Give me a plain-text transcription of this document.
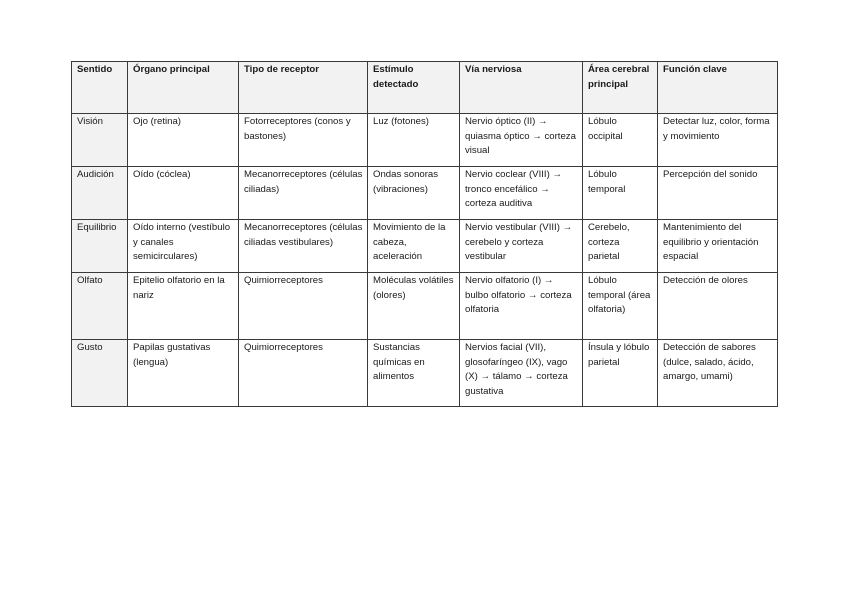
Sentido	Órgano principal	Tipo de receptor	Estímulo detectado	Vía nerviosa	Área cerebral principal	Función clave
Visión	Ojo (retina)	Fotorreceptores (conos y bastones)	Luz (fotones)	Nervio óptico (II) → quiasma óptico → corteza visual	Lóbulo occipital	Detectar luz, color, forma y movimiento
Audición	Oído (cóclea)	Mecanorreceptores (células ciliadas)	Ondas sonoras (vibraciones)	Nervio coclear (VIII) → tronco encefálico → corteza auditiva	Lóbulo temporal	Percepción del sonido
Equilibrio	Oído interno (vestíbulo y canales semicirculares)	Mecanorreceptores (células ciliadas vestibulares)	Movimiento de la cabeza, aceleración	Nervio vestibular (VIII) → cerebelo y corteza vestibular	Cerebelo, corteza parietal	Mantenimiento del equilibrio y orientación espacial
Olfato	Epitelio olfatorio en la nariz	Quimiorreceptores	Moléculas volátiles (olores)	Nervio olfatorio (I) → bulbo olfatorio → corteza olfatoria	Lóbulo temporal (área olfatoria)	Detección de olores
Gusto	Papilas gustativas (lengua)	Quimiorreceptores	Sustancias químicas en alimentos	Nervios facial (VII), glosofaríngeo (IX), vago (X) → tálamo → corteza gustativa	Ínsula y lóbulo parietal	Detección de sabores (dulce, salado, ácido, amargo, umami)
